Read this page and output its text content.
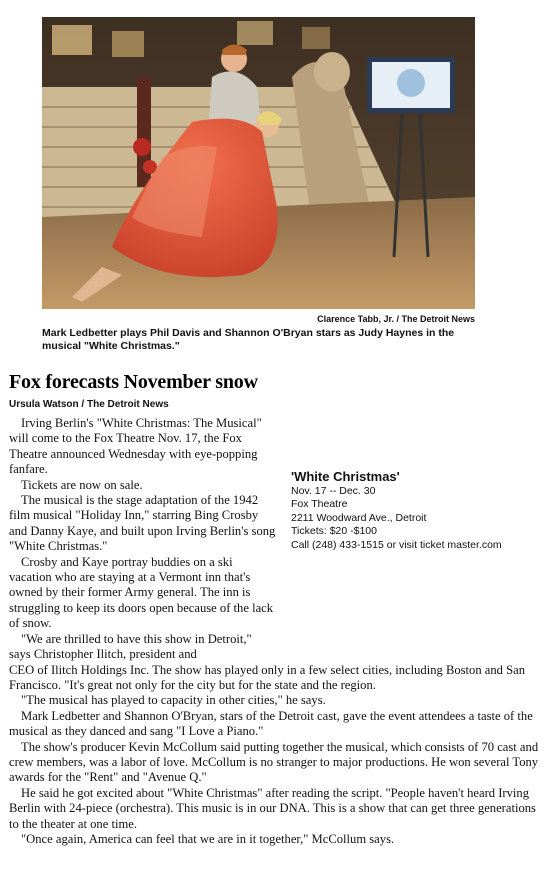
Clarence Tabb, Jr. / The Detroit News
Mark Ledbetter plays Phil Davis and Shannon O'Bryan stars as Judy Haynes in the musical "White Christmas."
Fox forecasts November snow
Ursula Watson / The Detroit News

Irving Berlin's "White Christmas: The Musical" will come to the Fox Theatre Nov. 17, the Fox Theatre announced Wednesday with eye-popping fanfare.

Tickets are now on sale.

The musical is the stage adaptation of the 1942 film musical "Holiday Inn," starring Bing Crosby and Danny Kaye, and built upon Irving Berlin's song "White Christmas."

Crosby and Kaye portray buddies on a ski vacation who are staying at a Vermont inn that's owned by their former Army general. The inn is struggling to keep its doors open because of the lack of snow.

"We are thrilled to have this show in Detroit," says Christopher Ilitch, president and
CEO of Ilitch Holdings Inc. The show has played only in a few select cities, including Boston and San Francisco. "It's great not only for the city but for the state and the region.

"The musical has played to capacity in other cities," he says.

Mark Ledbetter and Shannon O'Bryan, stars of the Detroit cast, gave the event attendees a taste of the musical as they danced and sang "I Love a Piano."

The show's producer Kevin McCollum said putting together the musical, which consists of 70 cast and crew members, was a labor of love. McCollum is no stranger to major productions. He won several Tony awards for the "Rent" and "Avenue Q."

He said he got excited about "White Christmas" after reading the script. "People haven't heard Irving Berlin with 24-piece (orchestra). This music is in our DNA. This is a show that can get three generations to the theater at one time.

"Once again, America can feel that we are in it together," McCollum says.

'White Christmas'
Nov. 17 -- Dec. 30
Fox Theatre
2211 Woodward Ave., Detroit
Tickets: $20 -$100
Call (248) 433-1515 or visit ticket master.com
